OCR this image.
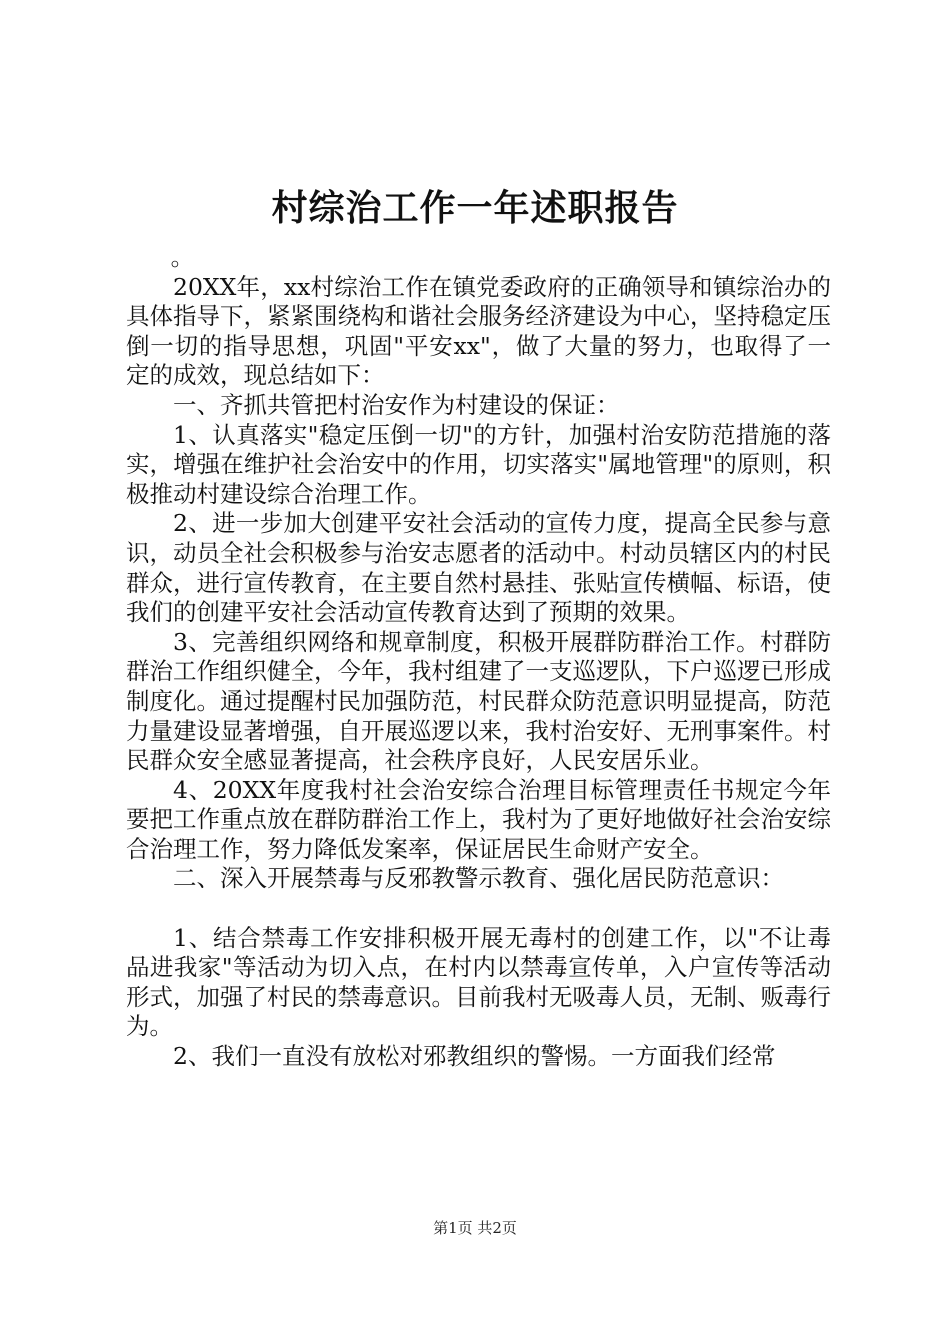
村综治工作一年述职报告

。

20XX年，xx村综治工作在镇党委政府的正确领导和镇综治办的具体指导下，紧紧围绕构和谐社会服务经济建设为中心，坚持稳定压倒一切的指导思想，巩固"平安xx"，做了大量的努力，也取得了一定的成效，现总结如下：

一、齐抓共管把村治安作为村建设的保证：

1、认真落实"稳定压倒一切"的方针，加强村治安防范措施的落实，增强在维护社会治安中的作用，切实落实"属地管理"的原则，积极推动村建设综合治理工作。

2、进一步加大创建平安社会活动的宣传力度，提高全民参与意识，动员全社会积极参与治安志愿者的活动中。村动员辖区内的村民群众，进行宣传教育，在主要自然村悬挂、张贴宣传横幅、标语，使我们的创建平安社会活动宣传教育达到了预期的效果。

3、完善组织网络和规章制度，积极开展群防群治工作。村群防群治工作组织健全，今年，我村组建了一支巡逻队，下户巡逻已形成制度化。通过提醒村民加强防范，村民群众防范意识明显提高，防范力量建设显著增强，自开展巡逻以来，我村治安好、无刑事案件。村民群众安全感显著提高，社会秩序良好，人民安居乐业。

4、20XX年度我村社会治安综合治理目标管理责任书规定今年要把工作重点放在群防群治工作上，我村为了更好地做好社会治安综合治理工作，努力降低发案率，保证居民生命财产安全。

二、深入开展禁毒与反邪教警示教育、强化居民防范意识：

1、结合禁毒工作安排积极开展无毒村的创建工作，以"不让毒品进我家"等活动为切入点，在村内以禁毒宣传单，入户宣传等活动形式，加强了村民的禁毒意识。目前我村无吸毒人员，无制、贩毒行为。

2、我们一直没有放松对邪教组织的警惕。一方面我们经常

第1页 共2页
